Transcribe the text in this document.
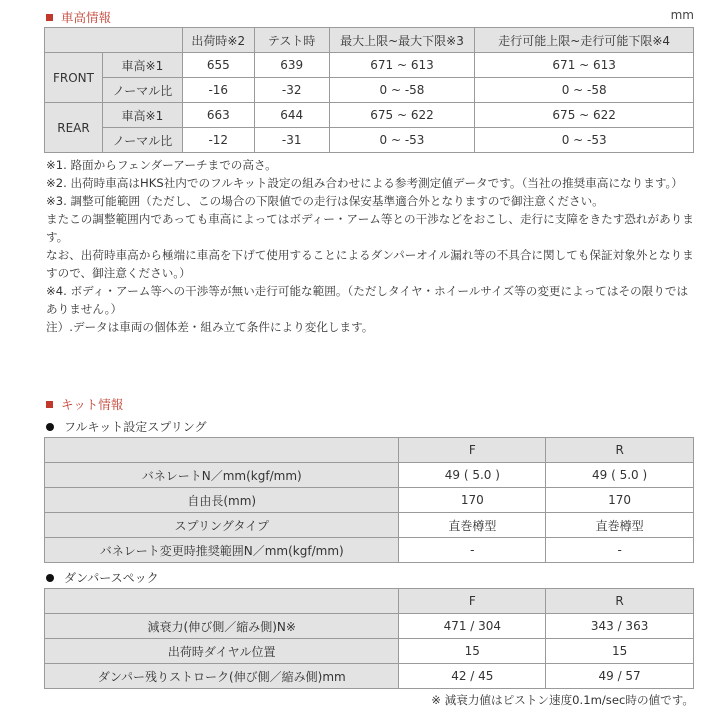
車高情報	mm
		出荷時※2	テスト時	最大上限~最大下限※3	走行可能上限~走行可能下限※4
FRONT	車高※1	655	639	671 ~ 613	671 ~ 613
	ノーマル比	-16	-32	0 ~ -58	0 ~ -58
REAR	車高※1	663	644	675 ~ 622	675 ~ 622
	ノーマル比	-12	-31	0 ~ -53	0 ~ -53

※1. 路面からフェンダーアーチまでの高さ。

※2. 出荷時車高はHKS社内でのフルキット設定の組み合わせによる参考測定値データです。（当社の推奨車高になります。）

※3. 調整可能範囲（ただし、この場合の下限値での走行は保安基準適合外となりますので御注意ください。

またこの調整範囲内であっても車高によってはボディー・アーム等との干渉などをおこし、走行に支障をきたす恐れがあります。

なお、出荷時車高から極端に車高を下げて使用することによるダンパーオイル漏れ等の不具合に関しても保証対象外となりますので、御注意ください。）

※4. ボディ・アーム等への干渉等が無い走行可能な範囲。（ただしタイヤ・ホイールサイズ等の変更によってはその限りではありません。）

注）.データは車両の個体差・組み立て条件により変化します。

キット情報
フルキット設定スプリング
	F	R
バネレートN／mm(kgf/mm)	49 ( 5.0 )	49 ( 5.0 )
自由長(mm)	170	170
スプリングタイプ	直巻樽型	直巻樽型
バネレート変更時推奨範囲N／mm(kgf/mm)	-	-
ダンパースペック
	F	R
減衰力(伸び側／縮み側)N※	471 / 304	343 / 363
出荷時ダイヤル位置	15	15
ダンパー残りストローク(伸び側／縮み側)mm	42 / 45	49 / 57
※ 減衰力値はピストン速度0.1m/sec時の値です。
